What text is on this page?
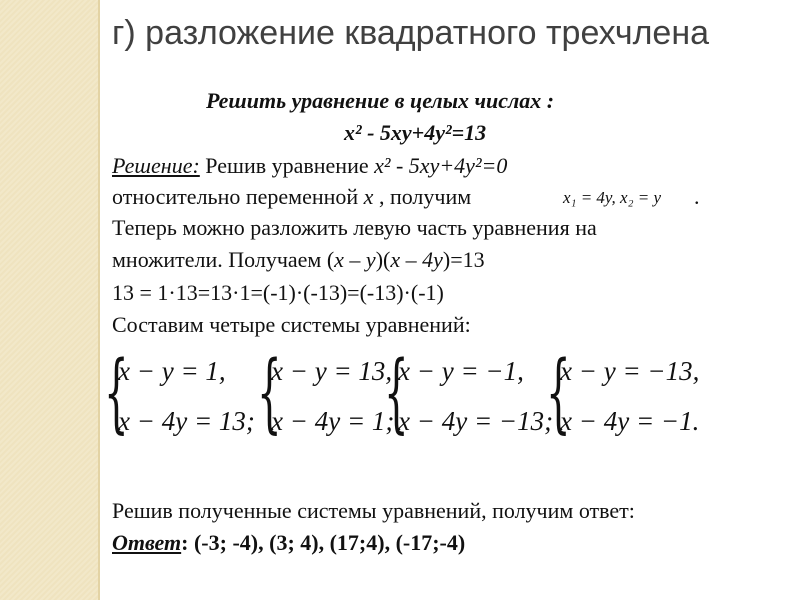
г) разложение квадратного трехчлена
Решить уравнение в целых числах :
x² - 5xy+4y²=13
Решение: Решив уравнение x² - 5xy+4y²=0
относительно переменной x , получим	x₁ = 4y, x₂ = y .
Теперь можно разложить левую часть уравнения на
множители. Получаем (x – y)(x – 4y)=13
13 = 1·13=13·1=(-1)·(-13)=(-13)·(-1)
Составим четыре системы уравнений:
{
x − y = 1,
x − 4y = 13; {
x − y = 13,
x − 4y = 1;
{
x − y = −1,
x − 4y = −13;
{
x − y = −13,
x − 4y = −1.
Решив полученные системы уравнений, получим ответ:
Ответ: (-3; -4), (3; 4), (17;4), (-17;-4)
